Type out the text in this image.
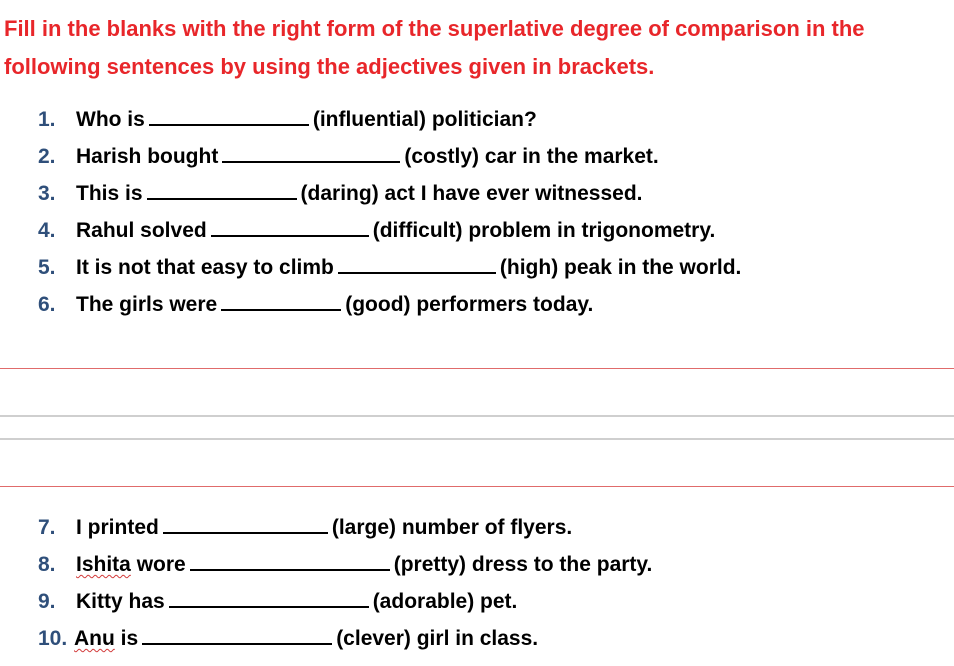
Fill in the blanks with the right form of the superlative degree of comparison in the
following sentences by using the adjectives given in brackets.
1. Who is	(influential) politician?
2. Harish bought	(costly) car in the market.
3. This is	(daring) act I have ever witnessed.
4. Rahul solved	(difficult) problem in trigonometry.
5. It is not that easy to climb	(high) peak in the world.
6. The girls were	(good) performers today.
7. I printed	(large) number of flyers.
8. Ishita wore	(pretty) dress to the party.
9. Kitty has	(adorable) pet.
10. Anu is	(clever) girl in class.
